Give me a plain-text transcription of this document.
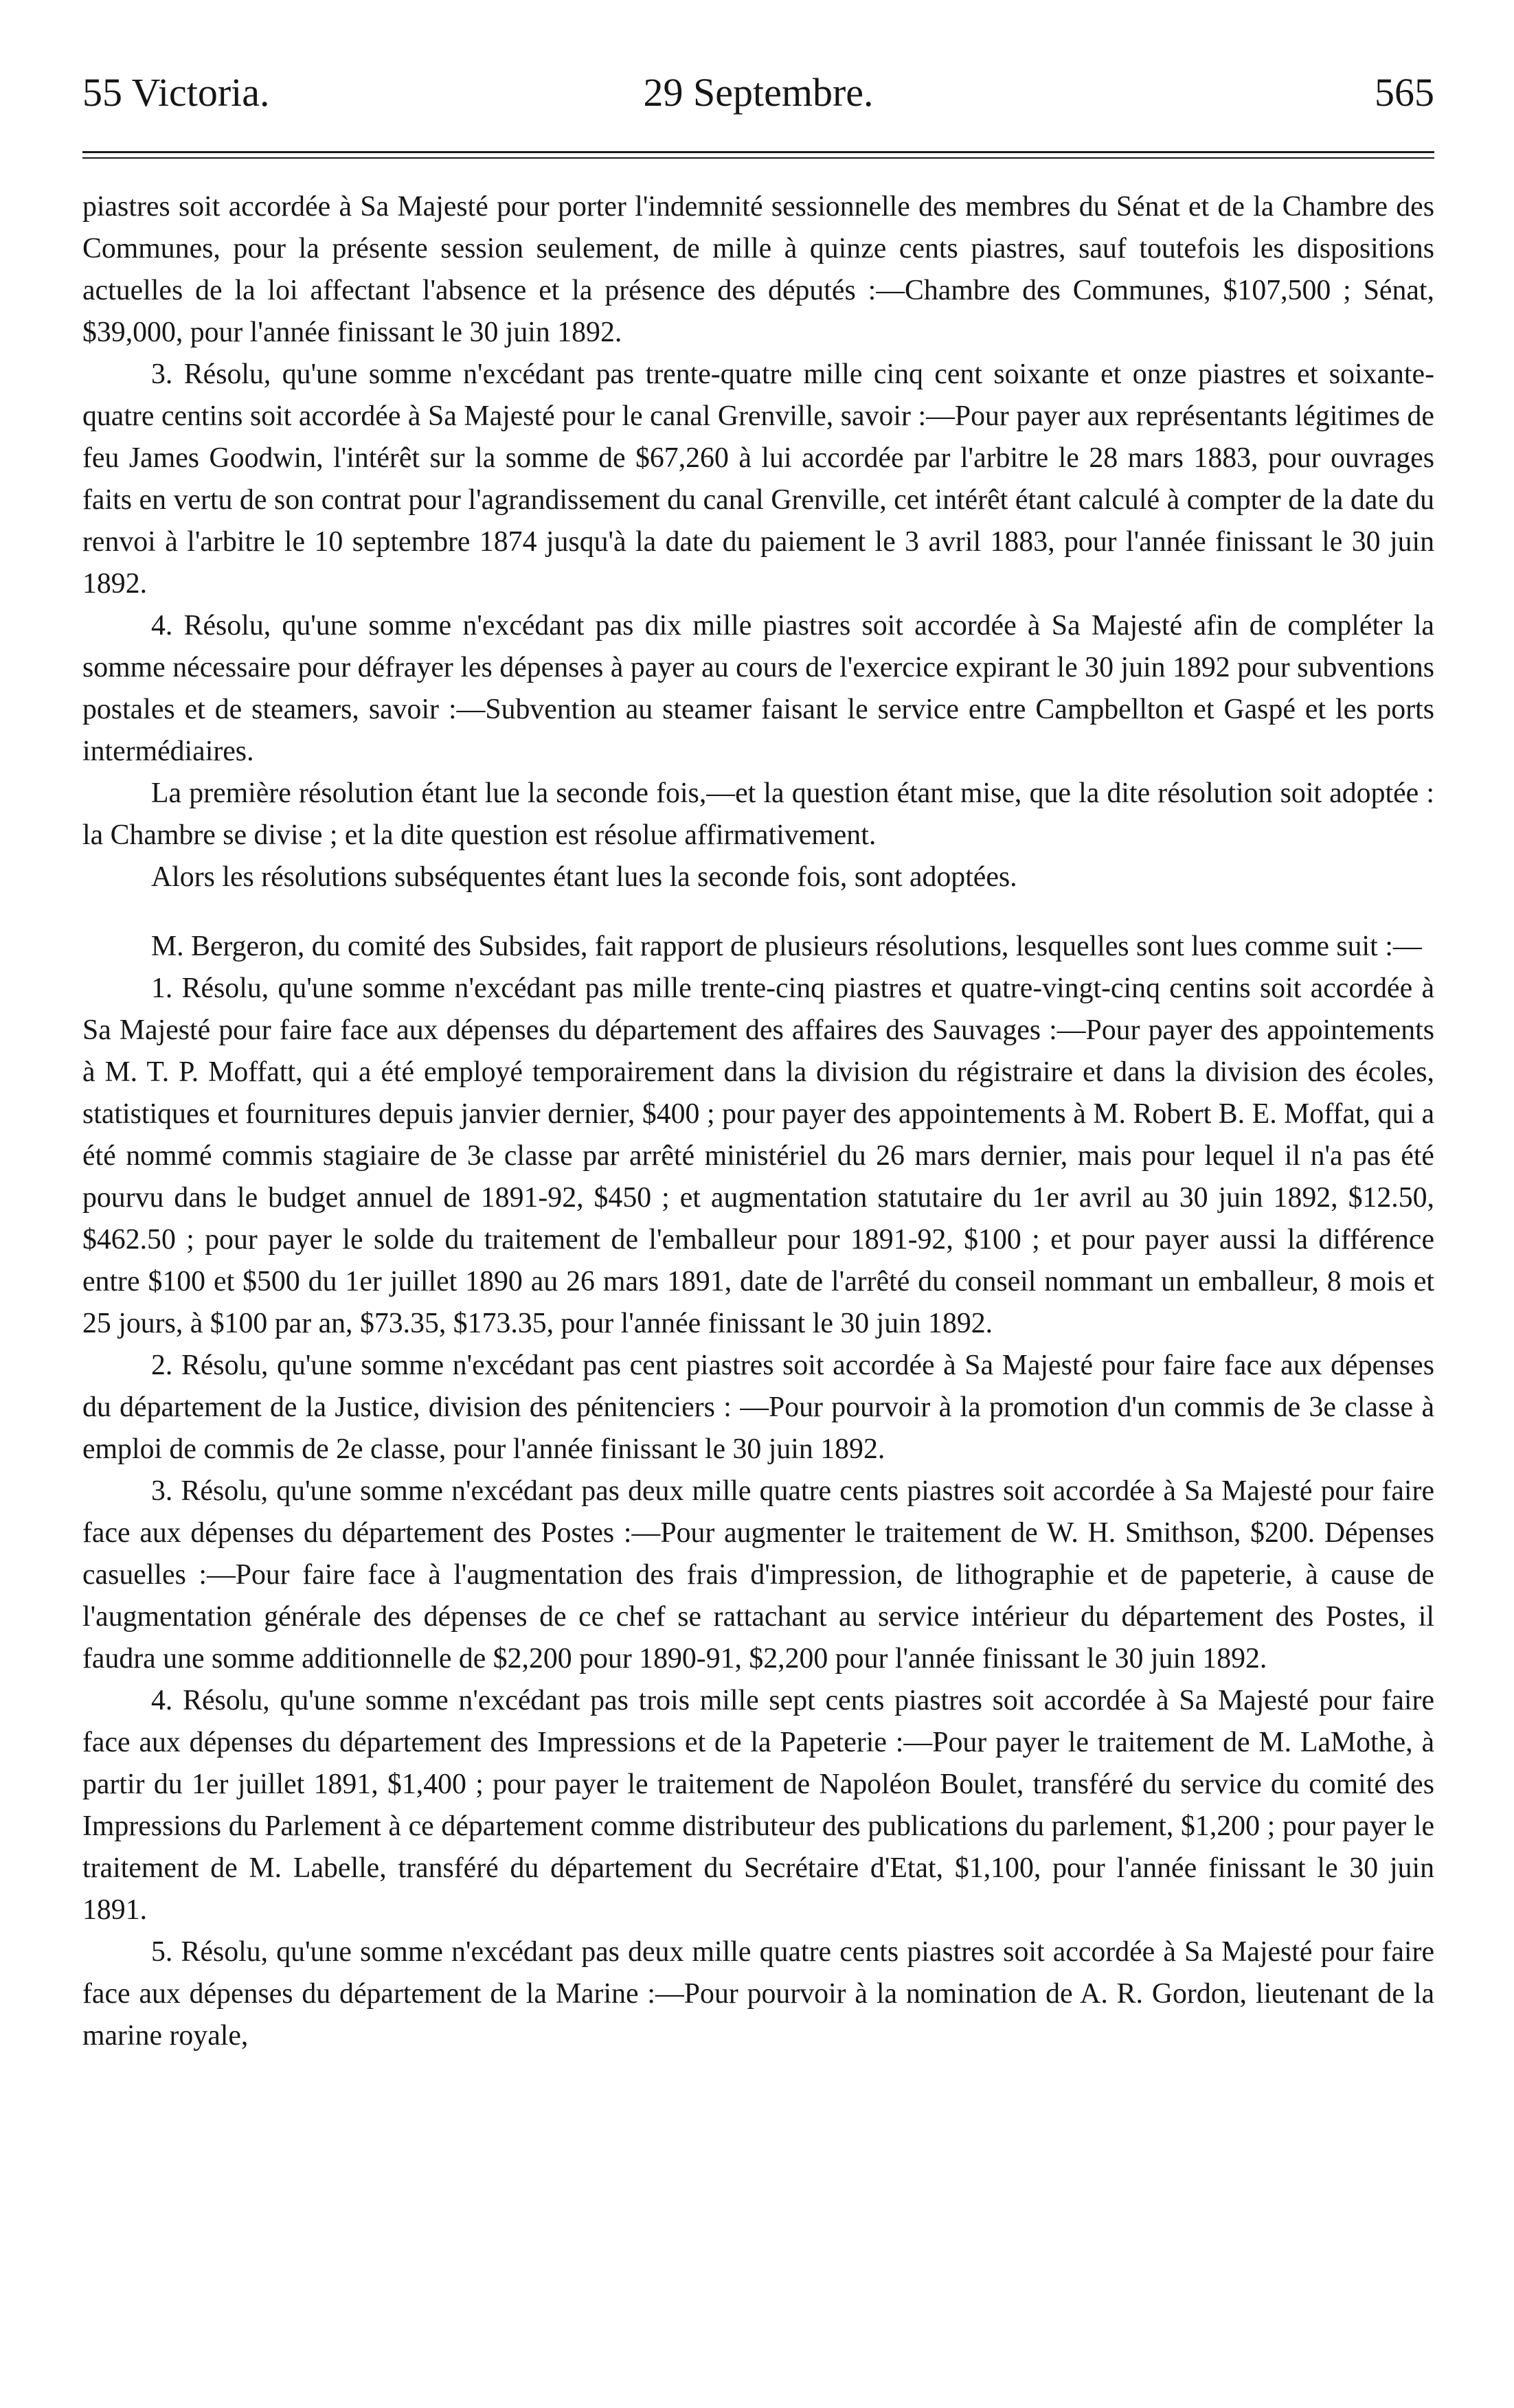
55 Victoria.	29 Septembre.	565

piastres soit accordée à Sa Majesté pour porter l'indemnité sessionnelle des membres du Sénat et de la Chambre des Communes, pour la présente session seulement, de mille à quinze cents piastres, sauf toutefois les dispositions actuelles de la loi affectant l'absence et la présence des députés :—Chambre des Communes, $107,500 ; Sénat, $39,000, pour l'année finissant le 30 juin 1892.

3. Résolu, qu'une somme n'excédant pas trente-quatre mille cinq cent soixante et onze piastres et soixante-quatre centins soit accordée à Sa Majesté pour le canal Grenville, savoir :—Pour payer aux représentants légitimes de feu James Goodwin, l'intérêt sur la somme de $67,260 à lui accordée par l'arbitre le 28 mars 1883, pour ouvrages faits en vertu de son contrat pour l'agrandissement du canal Grenville, cet intérêt étant calculé à compter de la date du renvoi à l'arbitre le 10 septembre 1874 jusqu'à la date du paiement le 3 avril 1883, pour l'année finissant le 30 juin 1892.

4. Résolu, qu'une somme n'excédant pas dix mille piastres soit accordée à Sa Majesté afin de compléter la somme nécessaire pour défrayer les dépenses à payer au cours de l'exercice expirant le 30 juin 1892 pour subventions postales et de steamers, savoir :—Subvention au steamer faisant le service entre Campbellton et Gaspé et les ports intermédiaires.

La première résolution étant lue la seconde fois,—et la question étant mise, que la dite résolution soit adoptée : la Chambre se divise ; et la dite question est résolue affirmativement.

Alors les résolutions subséquentes étant lues la seconde fois, sont adoptées.

M. Bergeron, du comité des Subsides, fait rapport de plusieurs résolutions, lesquelles sont lues comme suit :—

1. Résolu, qu'une somme n'excédant pas mille trente-cinq piastres et quatre-vingt-cinq centins soit accordée à Sa Majesté pour faire face aux dépenses du département des affaires des Sauvages :—Pour payer des appointements à M. T. P. Moffatt, qui a été employé temporairement dans la division du régistraire et dans la division des écoles, statistiques et fournitures depuis janvier dernier, $400 ; pour payer des appointements à M. Robert B. E. Moffat, qui a été nommé commis stagiaire de 3e classe par arrêté ministériel du 26 mars dernier, mais pour lequel il n'a pas été pourvu dans le budget annuel de 1891-92, $450 ; et augmentation statutaire du 1er avril au 30 juin 1892, $12.50, $462.50 ; pour payer le solde du traitement de l'emballeur pour 1891-92, $100 ; et pour payer aussi la différence entre $100 et $500 du 1er juillet 1890 au 26 mars 1891, date de l'arrêté du conseil nommant un emballeur, 8 mois et 25 jours, à $100 par an, $73.35, $173.35, pour l'année finissant le 30 juin 1892.

2. Résolu, qu'une somme n'excédant pas cent piastres soit accordée à Sa Majesté pour faire face aux dépenses du département de la Justice, division des pénitenciers : —Pour pourvoir à la promotion d'un commis de 3e classe à emploi de commis de 2e classe, pour l'année finissant le 30 juin 1892.

3. Résolu, qu'une somme n'excédant pas deux mille quatre cents piastres soit accordée à Sa Majesté pour faire face aux dépenses du département des Postes :—Pour augmenter le traitement de W. H. Smithson, $200. Dépenses casuelles :—Pour faire face à l'augmentation des frais d'impression, de lithographie et de papeterie, à cause de l'augmentation générale des dépenses de ce chef se rattachant au service intérieur du département des Postes, il faudra une somme additionnelle de $2,200 pour 1890-91, $2,200 pour l'année finissant le 30 juin 1892.

4. Résolu, qu'une somme n'excédant pas trois mille sept cents piastres soit accordée à Sa Majesté pour faire face aux dépenses du département des Impressions et de la Papeterie :—Pour payer le traitement de M. LaMothe, à partir du 1er juillet 1891, $1,400 ; pour payer le traitement de Napoléon Boulet, transféré du service du comité des Impressions du Parlement à ce département comme distributeur des publications du parlement, $1,200 ; pour payer le traitement de M. Labelle, transféré du département du Secrétaire d'Etat, $1,100, pour l'année finissant le 30 juin 1891.

5. Résolu, qu'une somme n'excédant pas deux mille quatre cents piastres soit accordée à Sa Majesté pour faire face aux dépenses du département de la Marine :—Pour pourvoir à la nomination de A. R. Gordon, lieutenant de la marine royale,
